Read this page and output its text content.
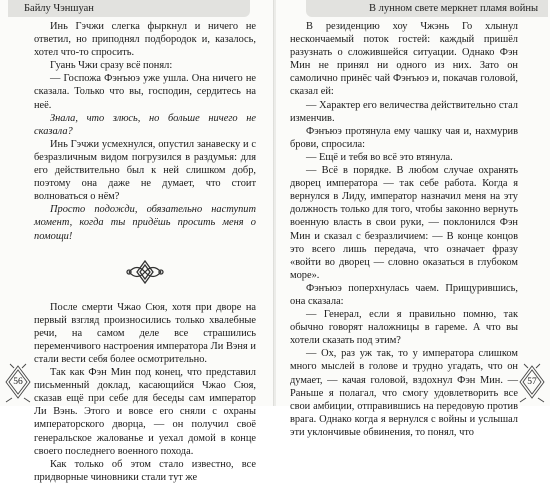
Байлу Чэншуан

Инь Гэчжи слегка фыркнул и ничего не ответил, но приподнял подбородок и, казалось, хотел что-то спросить.

Гуань Чжи сразу всё понял:

— Госпожа Фэнъюэ уже ушла. Она ничего не сказала. Только что вы, господин, сердитесь на неё.

Знала, что злюсь, но больше ничего не сказала?

Инь Гэчжи усмехнулся, опустил занавеску и с безразличным видом погрузился в раздумья: для его действительно был к ней слишком добр, поэтому она даже не думает, что стоит волноваться о нём?

Просто подожди, обязательно наступит момент, когда ты придёшь просить меня о помощи!

После смерти Чжао Сюя, хотя при дворе на первый взгляд произносились только хвалебные речи, на самом деле все страшились переменчивого настроения императора Ли Вэня и стали вести себя более осмотрительно.

Так как Фэн Мин под конец, что представил письменный доклад, касающийся Чжао Сюя, сказав ещё при себе для беседы сам император Ли Вэнь. Этого и вовсе его сняли с охраны императорского дворца, — он получил своё генеральское жалованье и уехал домой в конце своего последнего военного похода.

Как только об этом стало известно, все придворные чиновники стали тут же

56
В лунном свете меркнет пламя войны

В резиденцию хоу Чжэнь Го хлынул нескончаемый поток гостей: каждый пришёл разузнать о сложившейся ситуации. Однако Фэн Мин не принял ни одного из них. Зато он самолично принёс чай Фэнъюэ и, покачав головой, сказал ей:

— Характер его величества действительно стал изменчив.

Фэнъюэ протянула ему чашку чая и, нахмурив брови, спросила:

— Ещё и тебя во всё это втянула.

— Всё в порядке. В любом случае охранять дворец императора — так себе работа. Когда я вернулся в Лиду, император назначил меня на эту должность только для того, чтобы законно вернуть военную власть в свои руки, — поклонился Фэн Мин и сказал с безразличием: — В конце концов это всего лишь передача, что означает фразу «войти во дворец — словно оказаться в глубоком море».

Фэнъюэ поперхнулась чаем. Прищурившись, она сказала:

— Генерал, если я правильно помню, так обычно говорят наложницы в гареме. А что вы хотели сказать под этим?

— Ох, раз уж так, то у императора слишком много мыслей в голове и трудно угадать, что он думает, — качая головой, вздохнул Фэн Мин. — Раньше я полагал, что смогу удовлетворить все свои амбиции, отправившись на передовую против врага. Однако когда я вернулся с войны и услышал эти уклончивые обвинения, то понял, что

57
